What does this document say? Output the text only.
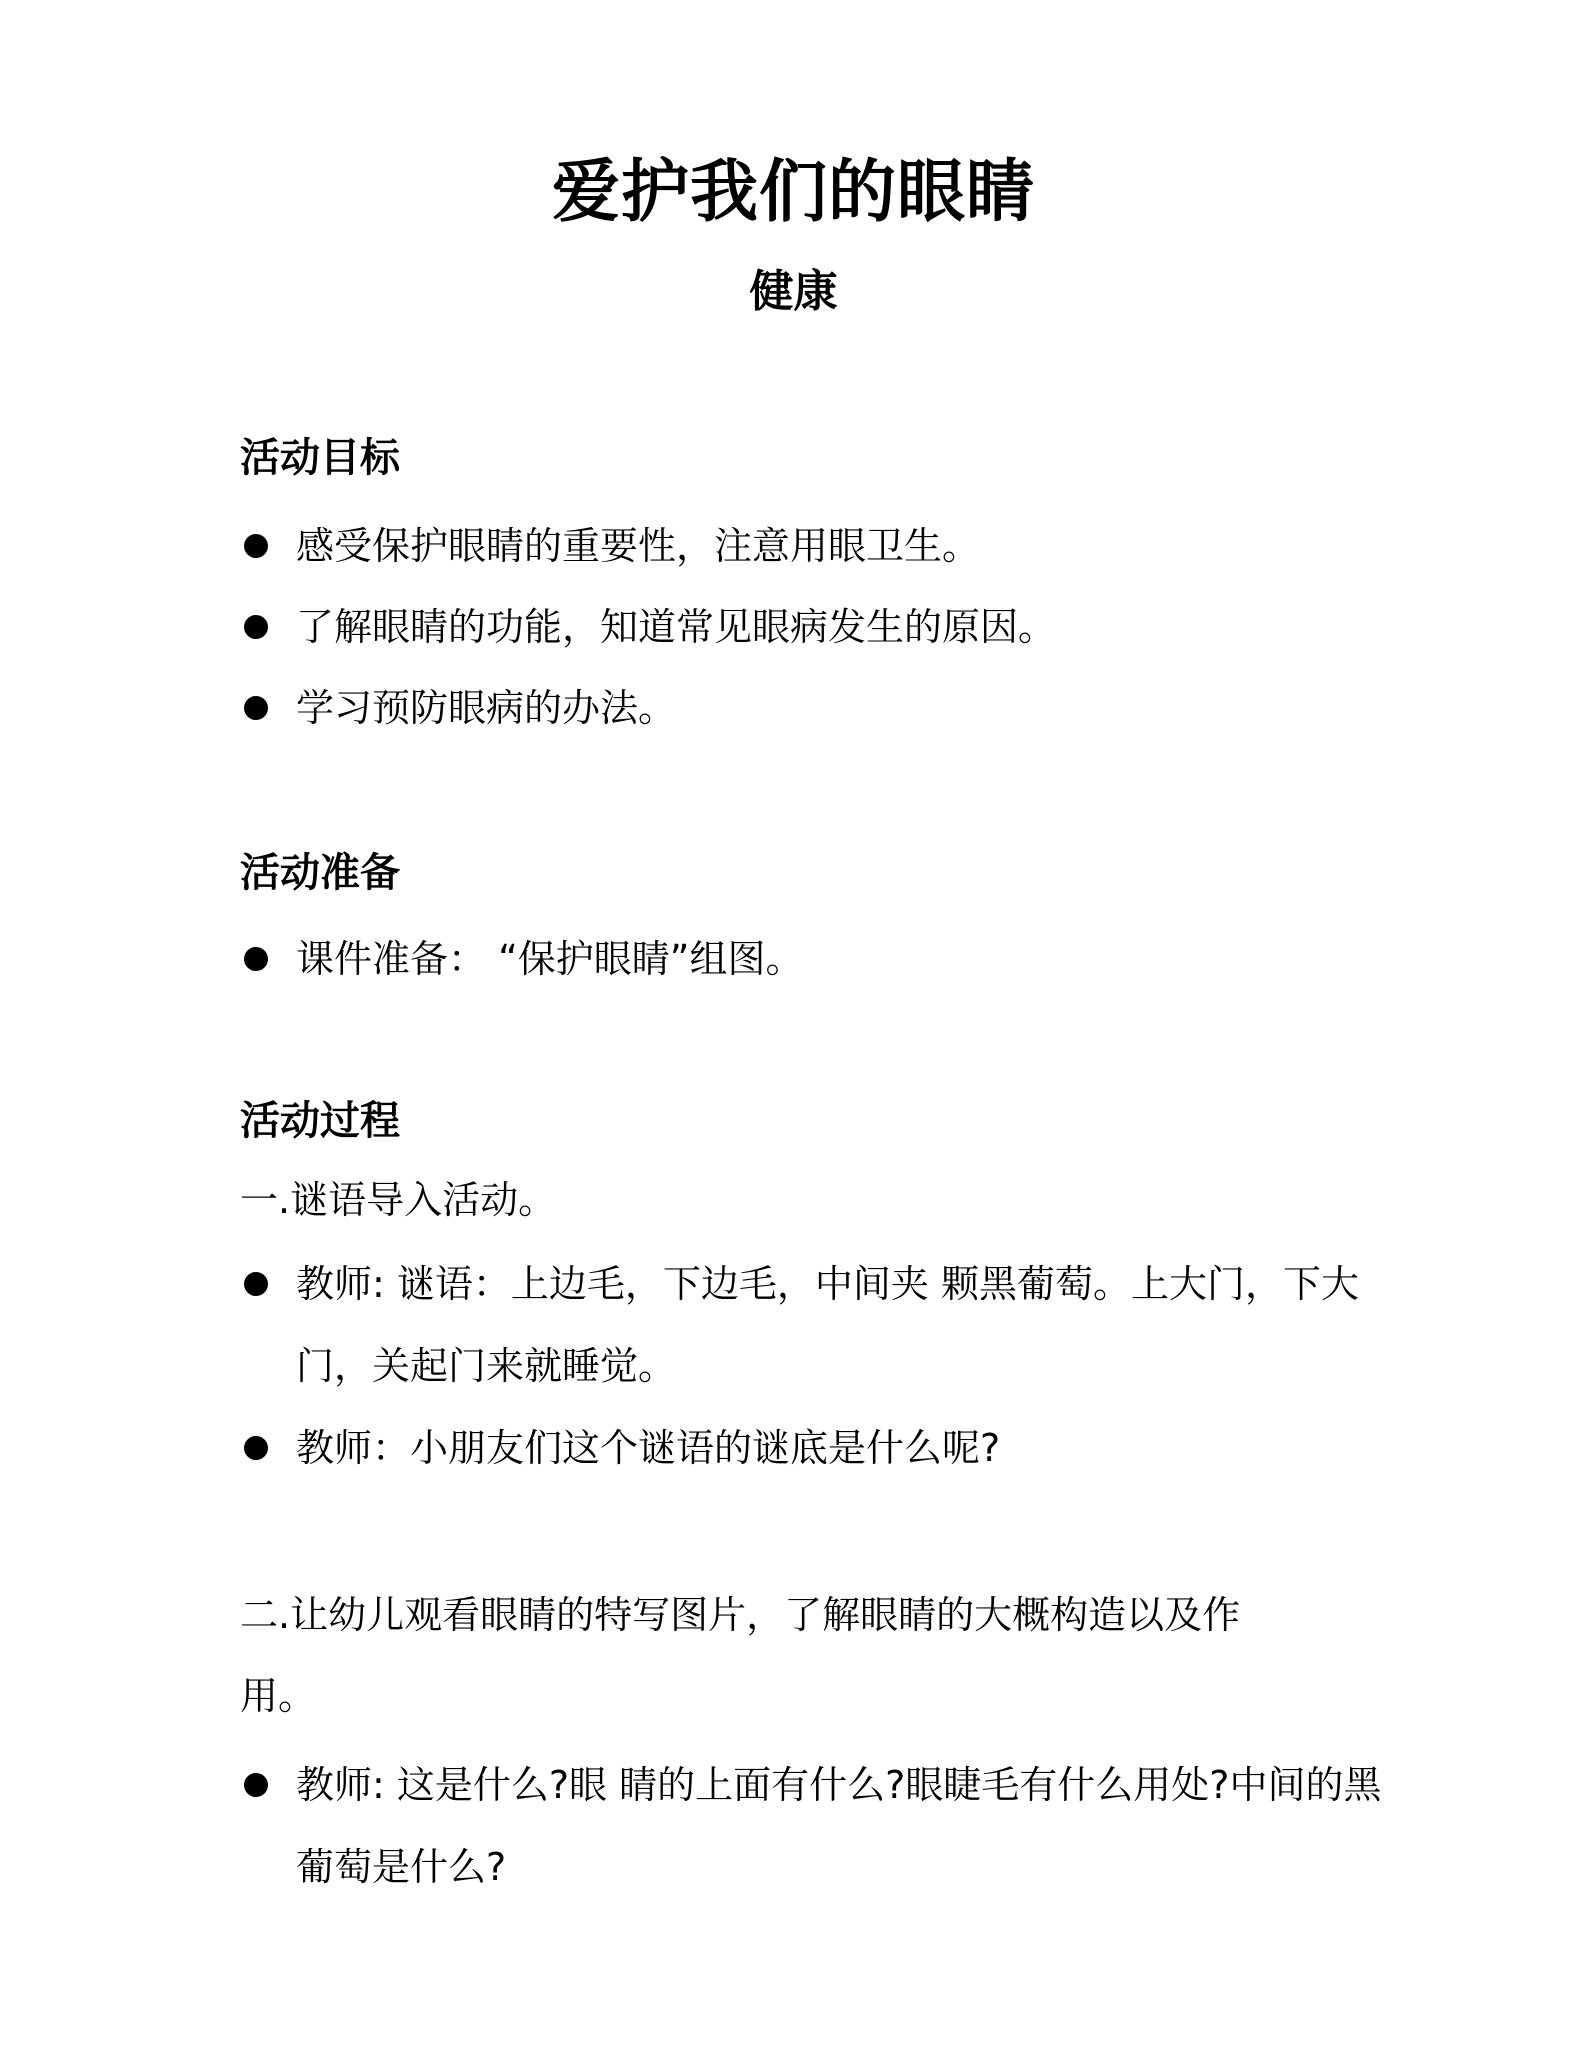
爱护我们的眼睛
健康
活动目标
感受保护眼睛的重要性，注意用眼卫生。
了解眼睛的功能，知道常见眼病发生的原因。
学习预防眼病的办法。
活动准备
课件准备： “保护眼睛”组图。
活动过程
一.谜语导入活动。
教师: 谜语：上边毛，下边毛，中间夹 颗黑葡萄。上大门，下大门，关起门来就睡觉。
教师：小朋友们这个谜语的谜底是什么呢?
二.让幼儿观看眼睛的特写图片，了解眼睛的大概构造以及作
用。
教师: 这是什么?眼 睛的上面有什么?眼睫毛有什么用处?中间的黑葡萄是什么?
